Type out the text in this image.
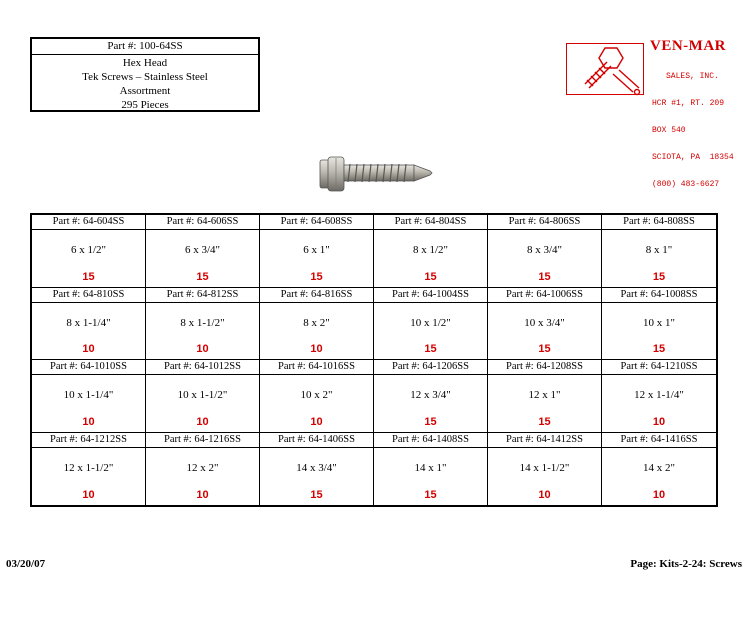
Part #: 100-64SS
Hex Head
Tek Screws – Stainless Steel
Assortment
295 Pieces
VEN-MAR

SALES, INC.

HCR #1, RT. 209

BOX 540

SCIOTA, PA  18354

(800) 483-6627

Part #: 64-604SS
6 x 1/2"
15
Part #: 64-606SS
6 x 3/4"
15
Part #: 64-608SS
6 x 1"
15
Part #: 64-804SS
8 x 1/2"
15
Part #: 64-806SS
8 x 3/4"
15
Part #: 64-808SS
8 x 1"
15
Part #: 64-810SS
8 x 1-1/4"
10
Part #: 64-812SS
8 x 1-1/2"
10
Part #: 64-816SS
8 x 2"
10
Part #: 64-1004SS
10 x 1/2"
15
Part #: 64-1006SS
10 x 3/4"
15
Part #: 64-1008SS
10 x 1"
15
Part #: 64-1010SS
10 x 1-1/4"
10
Part #: 64-1012SS
10 x 1-1/2"
10
Part #: 64-1016SS
10 x 2"
10
Part #: 64-1206SS
12 x 3/4"
15
Part #: 64-1208SS
12 x 1"
15
Part #: 64-1210SS
12 x 1-1/4"
10
Part #: 64-1212SS
12 x 1-1/2"
10
Part #: 64-1216SS
12 x 2"
10
Part #: 64-1406SS
14 x 3/4"
15
Part #: 64-1408SS
14 x 1"
15
Part #: 64-1412SS
14 x 1-1/2"
10
Part #: 64-1416SS
14 x 2"
10
03/20/07	Page: Kits-2-24: Screws
